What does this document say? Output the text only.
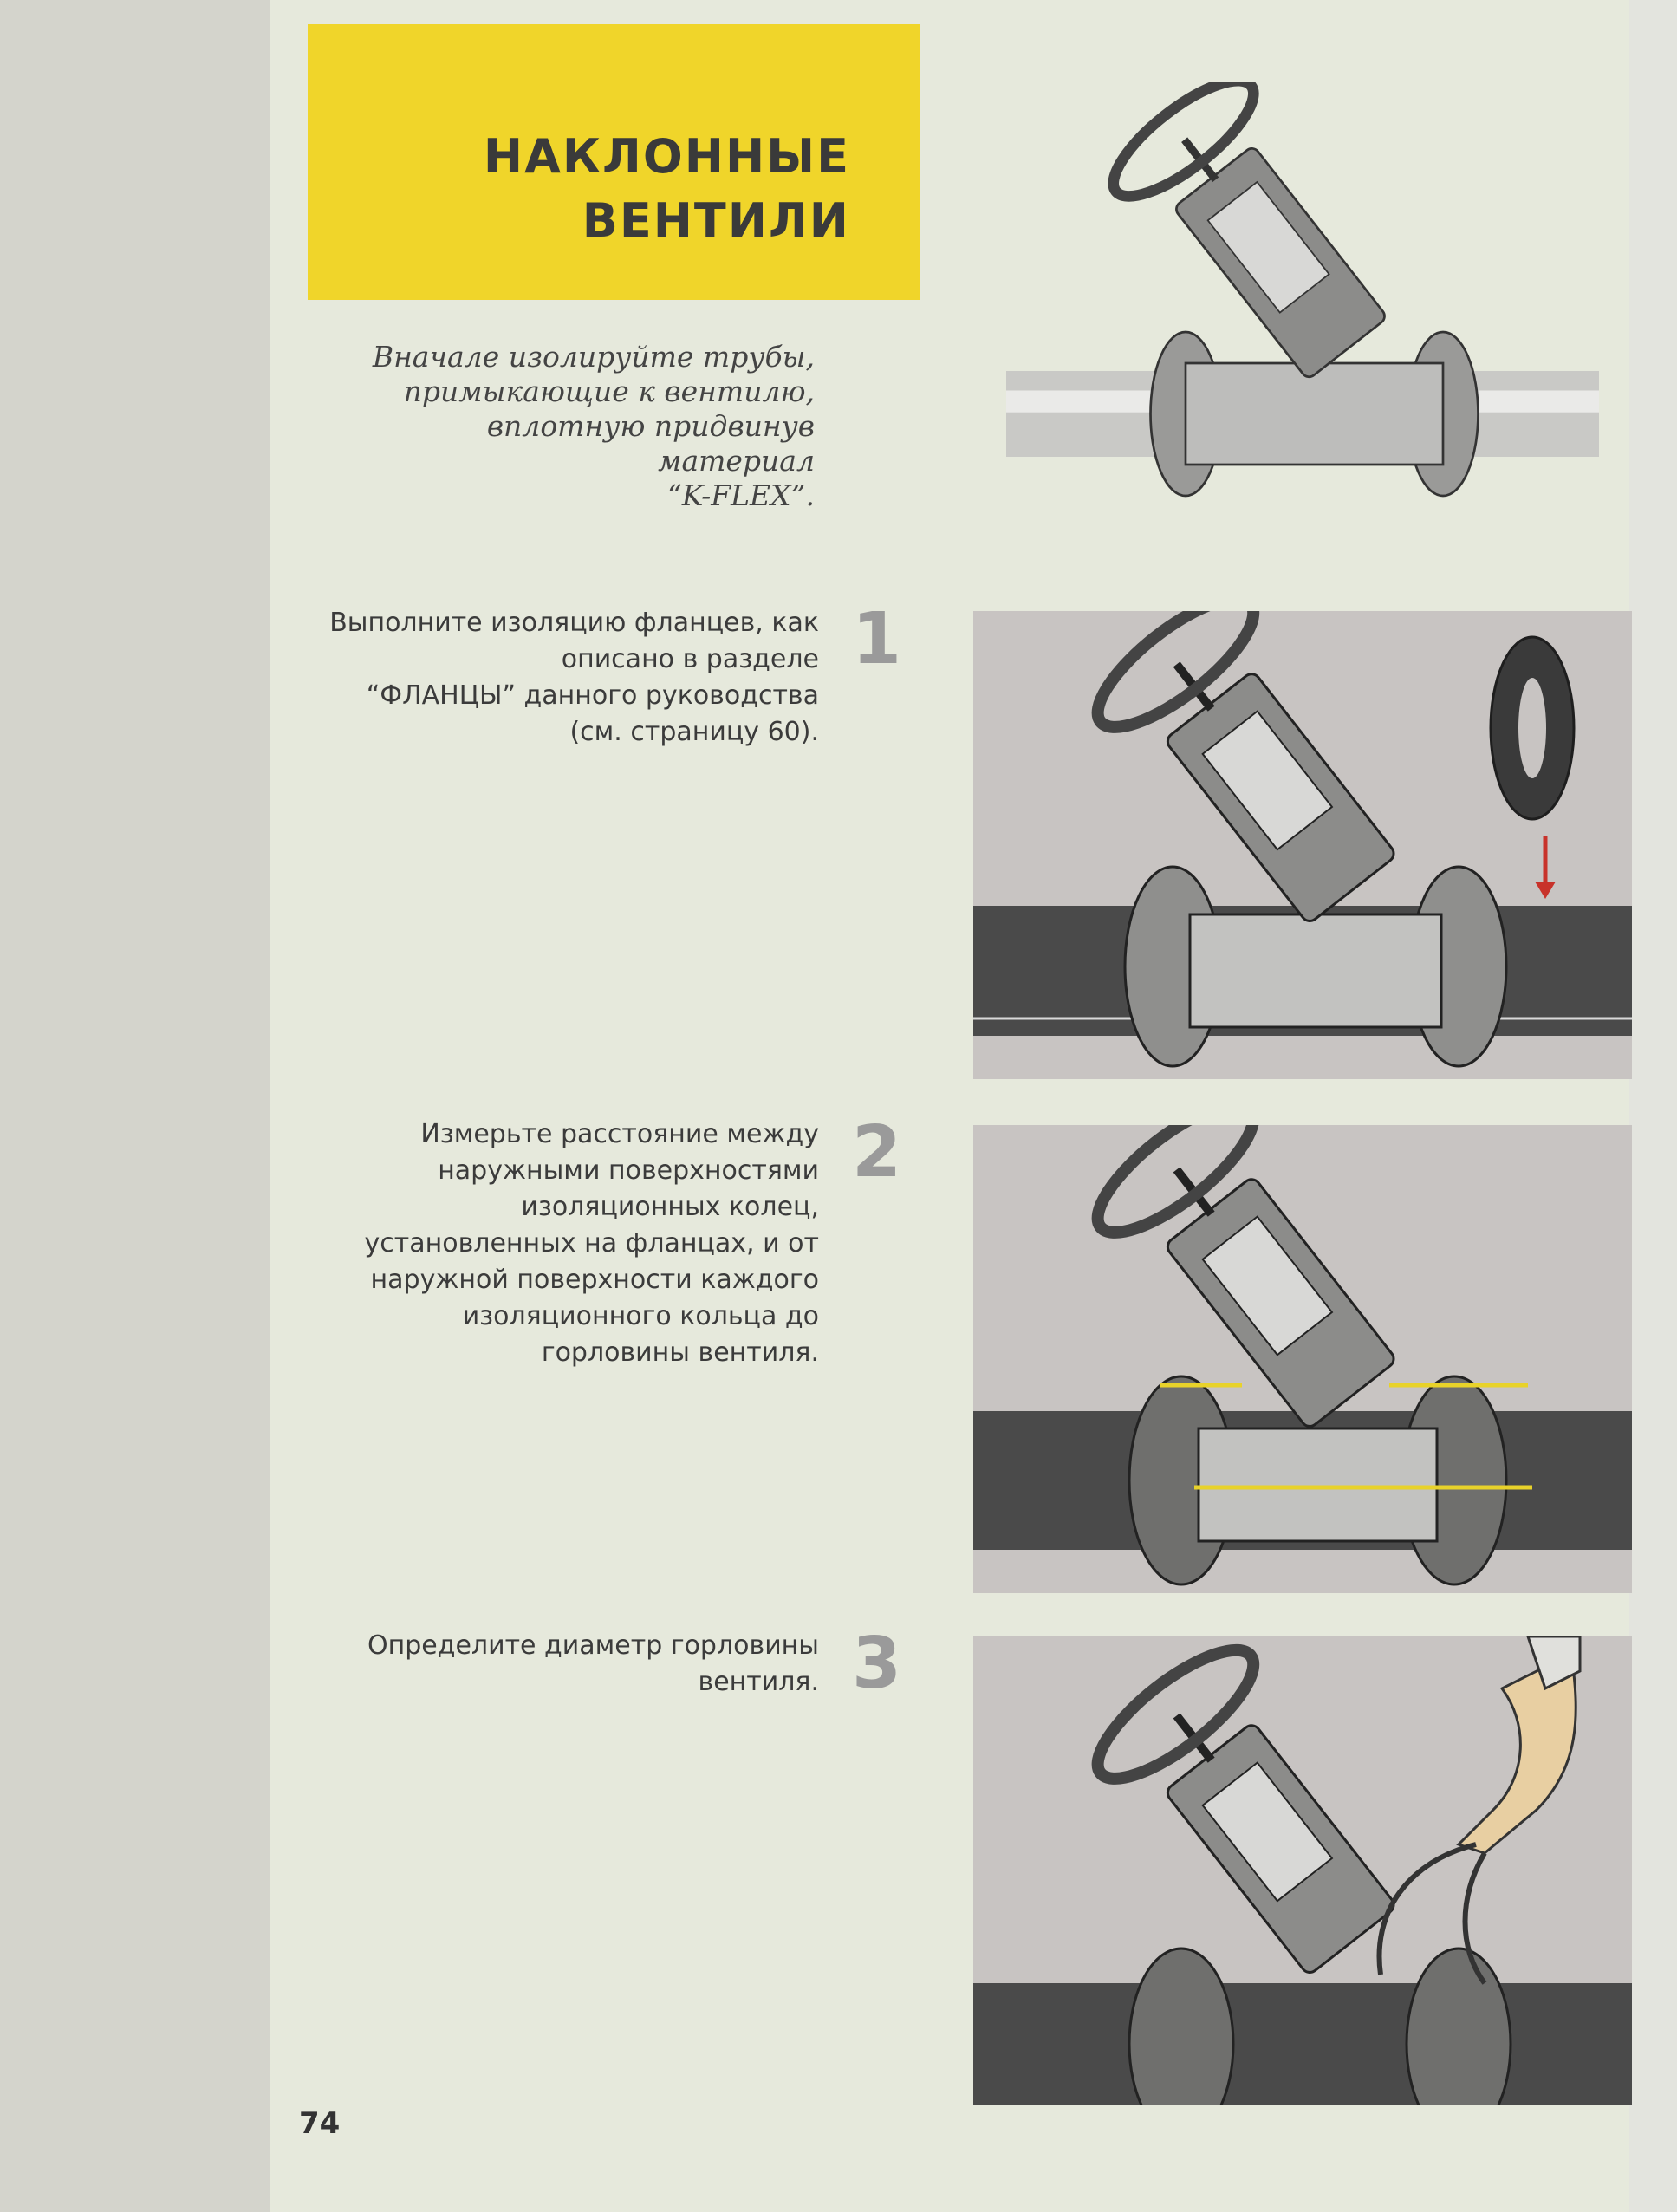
НАКЛОННЫЕ
ВЕНТИЛИ
Вначале изолируйте трубы,
примыкающие к вентилю,
вплотную придвинув материал
“K-FLEX”.
Выполните изоляцию фланцев, как
описано в разделе
“ФЛАНЦЫ” данного руководства
(см. страницу 60).
1
Измерьте расстояние между
наружными поверхностями
изоляционных колец,
установленных на фланцах, и от
наружной поверхности каждого
изоляционного кольца до
горловины вентиля.
2
Определите диаметр горловины
вентиля. 3
74
